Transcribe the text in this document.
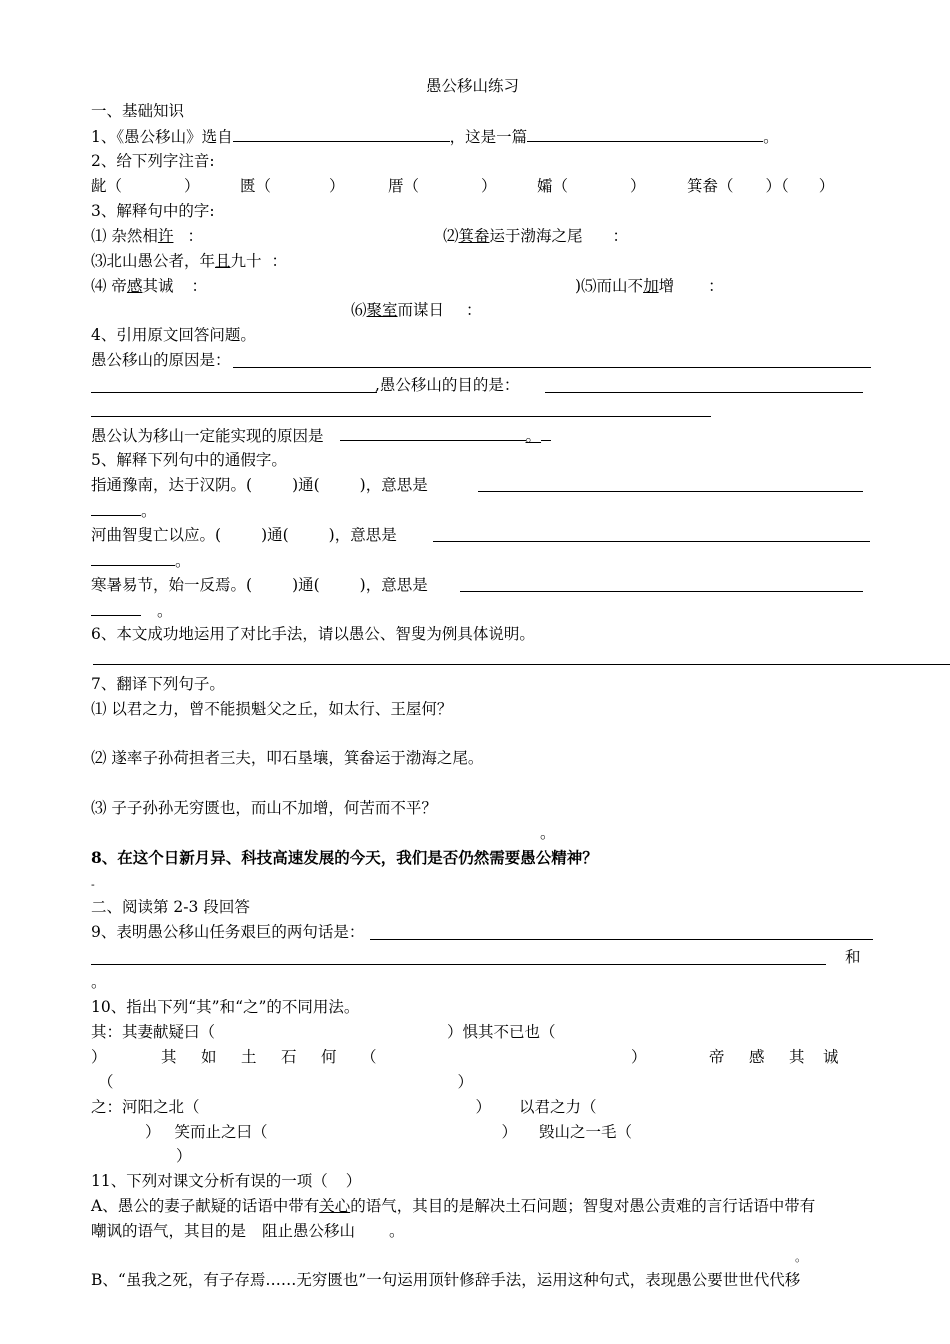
愚公移山练习
一、基础知识
1、《愚公移山》选自	，这是一篇	。
2、给下列字注音:
龀（	）	匮（	）	厝（	）	孀（	）	箕畚（ ）（ ）
3、解释句中的字:
⑴ 杂然相许 ：	⑵箕畚运于渤海之尾 ：
⑶北山愚公者，年且九十 ：
⑷ 帝感其诚 ：	)⑸而山不加增 ：
⑹聚室而谋日 ：
4、引用原文回答问题。
愚公移山的原因是：
,愚公移山的目的是：
愚公认为移山一定能实现的原因是	。
5、解释下列句中的通假字。
指通豫南，达于汉阴。(	)通(	)，意思是
。
河曲智叟亡以应。(	)通(	)，意思是
。
寒暑易节，始一反焉。(	)通(	)，意思是
。
6、本文成功地运用了对比手法，请以愚公、智叟为例具体说明。
7、翻译下列句子。
⑴ 以君之力，曾不能损魁父之丘，如太行、王屋何？
⑵ 遂率子孙荷担者三夫，叩石垦壤，箕畚运于渤海之尾。
⑶ 子子孙孙无穷匮也，而山不加增，何苦而不平？
。
8、在这个日新月异、科技高速发展的今天，我们是否仍然需要愚公精神？
-
二、阅读第 2-3 段回答
9、表明愚公移山任务艰巨的两句话是：
和
。
10、指出下列“其”和“之”的不同用法。
其：其妻献疑曰（	）惧其不已也（
）	其	如	土	石	何	（	）	帝	感	其	诚
（	）
之：河阳之北（	） 以君之力（
） 笑而止之曰（	） 毁山之一毛（
）
11、下列对课文分析有误的一项（ ）
A、愚公的妻子献疑的话语中带有关心的语气，其目的是解决土石问题；智叟对愚公责难的言行话语中带有
嘲讽的语气，其目的是 阻止愚公移山 。
。
B、“虽我之死，有子存焉……无穷匮也”一句运用顶针修辞手法，运用这种句式，表现愚公要世世代代移
